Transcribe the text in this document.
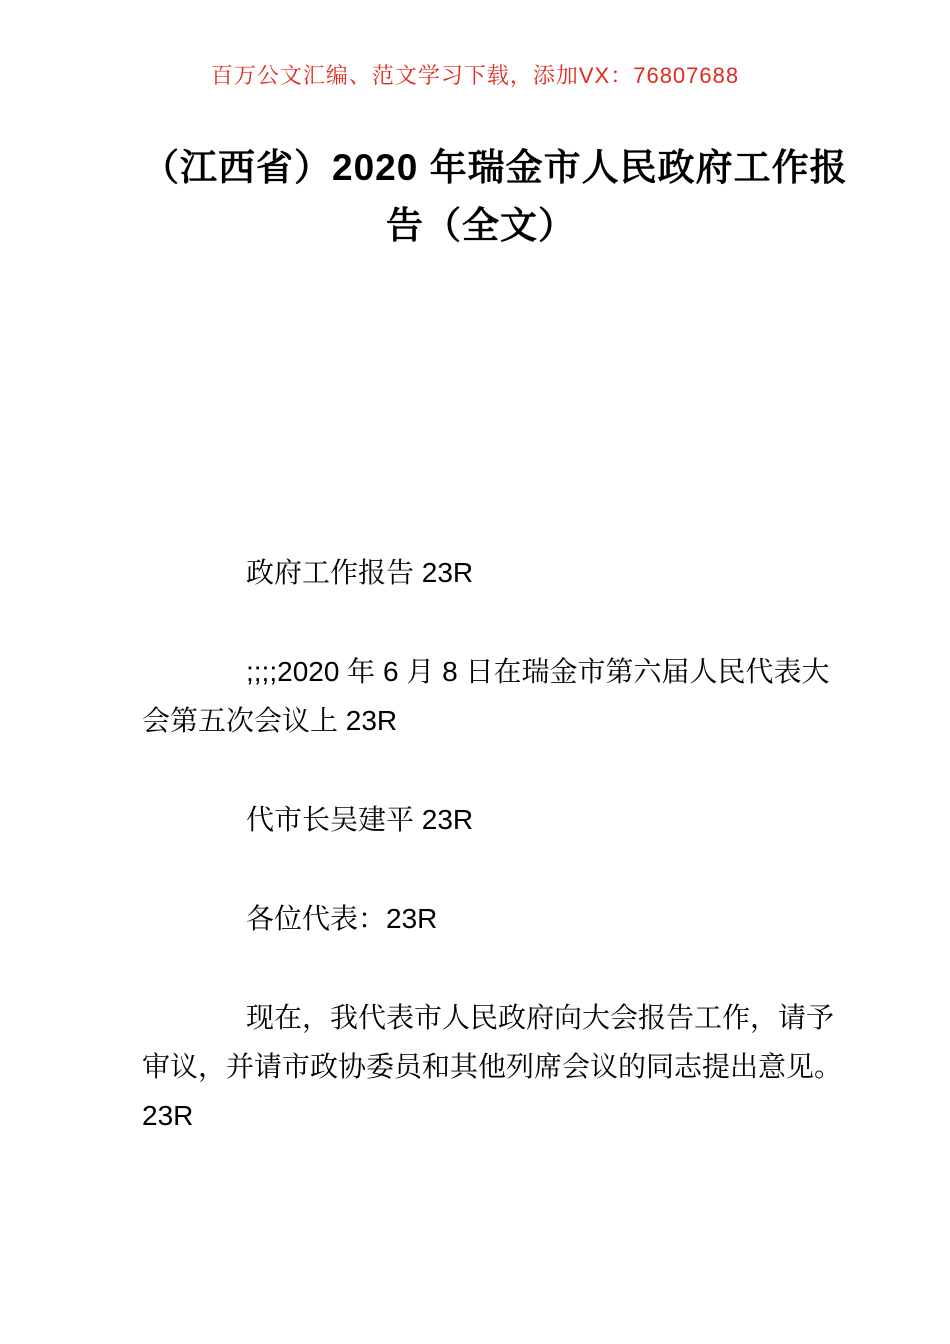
百万公文汇编、范文学习下载，添加VX：76807688
（江西省）2020 年瑞金市人民政府工作报
告（全文）

政府工作报告 23R

;;;;2020 年 6 月 8 日在瑞金市第六届人民代表大
会第五次会议上 23R

代市长吴建平 23R

各位代表：23R

现在，我代表市人民政府向大会报告工作，请予
审议，并请市政协委员和其他列席会议的同志提出意见。
23R
